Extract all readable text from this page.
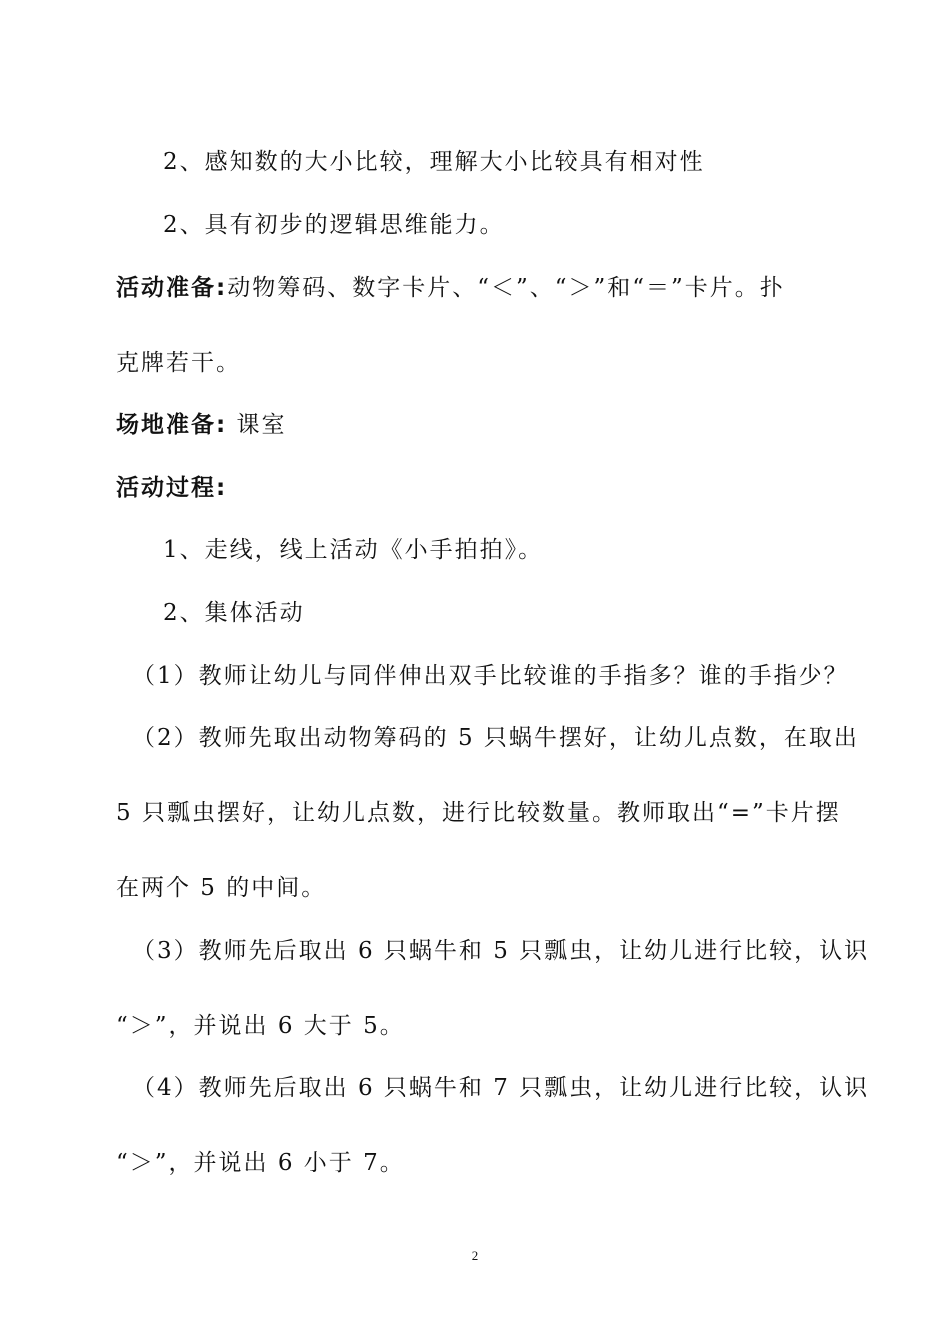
2、感知数的大小比较，理解大小比较具有相对性
2、具有初步的逻辑思维能力。
活动准备:动物筹码、数字卡片、“＜”、“＞”和“＝”卡片。扑
克牌若干。
场地准备: 课室
活动过程:
1、走线，线上活动《小手拍拍》。
2、集体活动
（1）教师让幼儿与同伴伸出双手比较谁的手指多？谁的手指少？
（2）教师先取出动物筹码的 5 只蜗牛摆好，让幼儿点数，在取出
5 只瓢虫摆好，让幼儿点数，进行比较数量。教师取出“=”卡片摆
在两个 5 的中间。
（3）教师先后取出 6 只蜗牛和 5 只瓢虫，让幼儿进行比较，认识
“＞”，并说出 6 大于 5。
（4）教师先后取出 6 只蜗牛和 7 只瓢虫，让幼儿进行比较，认识
“＞”，并说出 6 小于 7。
2
